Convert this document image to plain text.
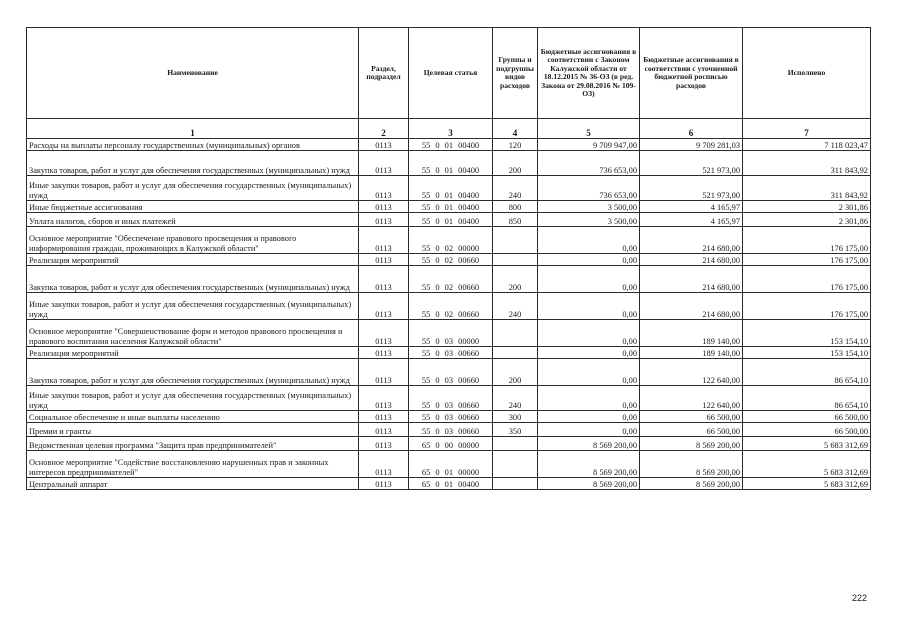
Наименование	Раздел, подраздел	Целевая статья	Группы и подгруппы видов расходов	Бюджетные ассигнования в соответствии с Законом Калужской области от 18.12.2015 № 36-ОЗ (в ред. Закона от 29.08.2016 № 109-ОЗ)	Бюджетные ассигнования в соответствии с уточненной бюджетной росписью расходов	Исполнено
1	2	3	4	5	6	7
Расходы на выплаты персоналу государственных (муниципальных) органов	0113	55 0 01 00400	120	9 709 947,00	9 709 281,03	7 118 023,47
Закупка товаров, работ и услуг для обеспечения государственных (муниципальных) нужд	0113	55 0 01 00400	200	736 653,00	521 973,00	311 843,92
Иные закупки товаров, работ и услуг для обеспечения государственных (муниципальных) нужд	0113	55 0 01 00400	240	736 653,00	521 973,00	311 843,92
Иные бюджетные ассигнования	0113	55 0 01 00400	800	3 500,00	4 165,97	2 301,86
Уплата налогов, сборов и иных платежей	0113	55 0 01 00400	850	3 500,00	4 165,97	2 301,86
Основное мероприятие "Обеспечение правового просвещения и правового информирования граждан, проживающих в Калужской области"	0113	55 0 02 00000		0,00	214 680,00	176 175,00
Реализация мероприятий	0113	55 0 02 00660		0,00	214 680,00	176 175,00
Закупка товаров, работ и услуг для обеспечения государственных (муниципальных) нужд	0113	55 0 02 00660	200	0,00	214 680,00	176 175,00
Иные закупки товаров, работ и услуг для обеспечения государственных (муниципальных) нужд	0113	55 0 02 00660	240	0,00	214 680,00	176 175,00
Основное мероприятие "Совершенствование форм и методов правового просвещения и правового воспитания населения Калужской области"	0113	55 0 03 00000		0,00	189 140,00	153 154,10
Реализация мероприятий	0113	55 0 03 00660		0,00	189 140,00	153 154,10
Закупка товаров, работ и услуг для обеспечения государственных (муниципальных) нужд	0113	55 0 03 00660	200	0,00	122 640,00	86 654,10
Иные закупки товаров, работ и услуг для обеспечения государственных (муниципальных) нужд	0113	55 0 03 00660	240	0,00	122 640,00	86 654,10
Социальное обеспечение и иные выплаты населению	0113	55 0 03 00660	300	0,00	66 500,00	66 500,00
Премии и гранты	0113	55 0 03 00660	350	0,00	66 500,00	66 500,00
Ведомственная целевая программа "Защита прав предпринимателей"	0113	65 0 00 00000		8 569 200,00	8 569 200,00	5 683 312,69
Основное мероприятие "Содействие восстановлению нарушенных прав и законных интересов предпринимателей"	0113	65 0 01 00000		8 569 200,00	8 569 200,00	5 683 312,69
Центральный аппарат	0113	65 0 01 00400		8 569 200,00	8 569 200,00	5 683 312,69
222
